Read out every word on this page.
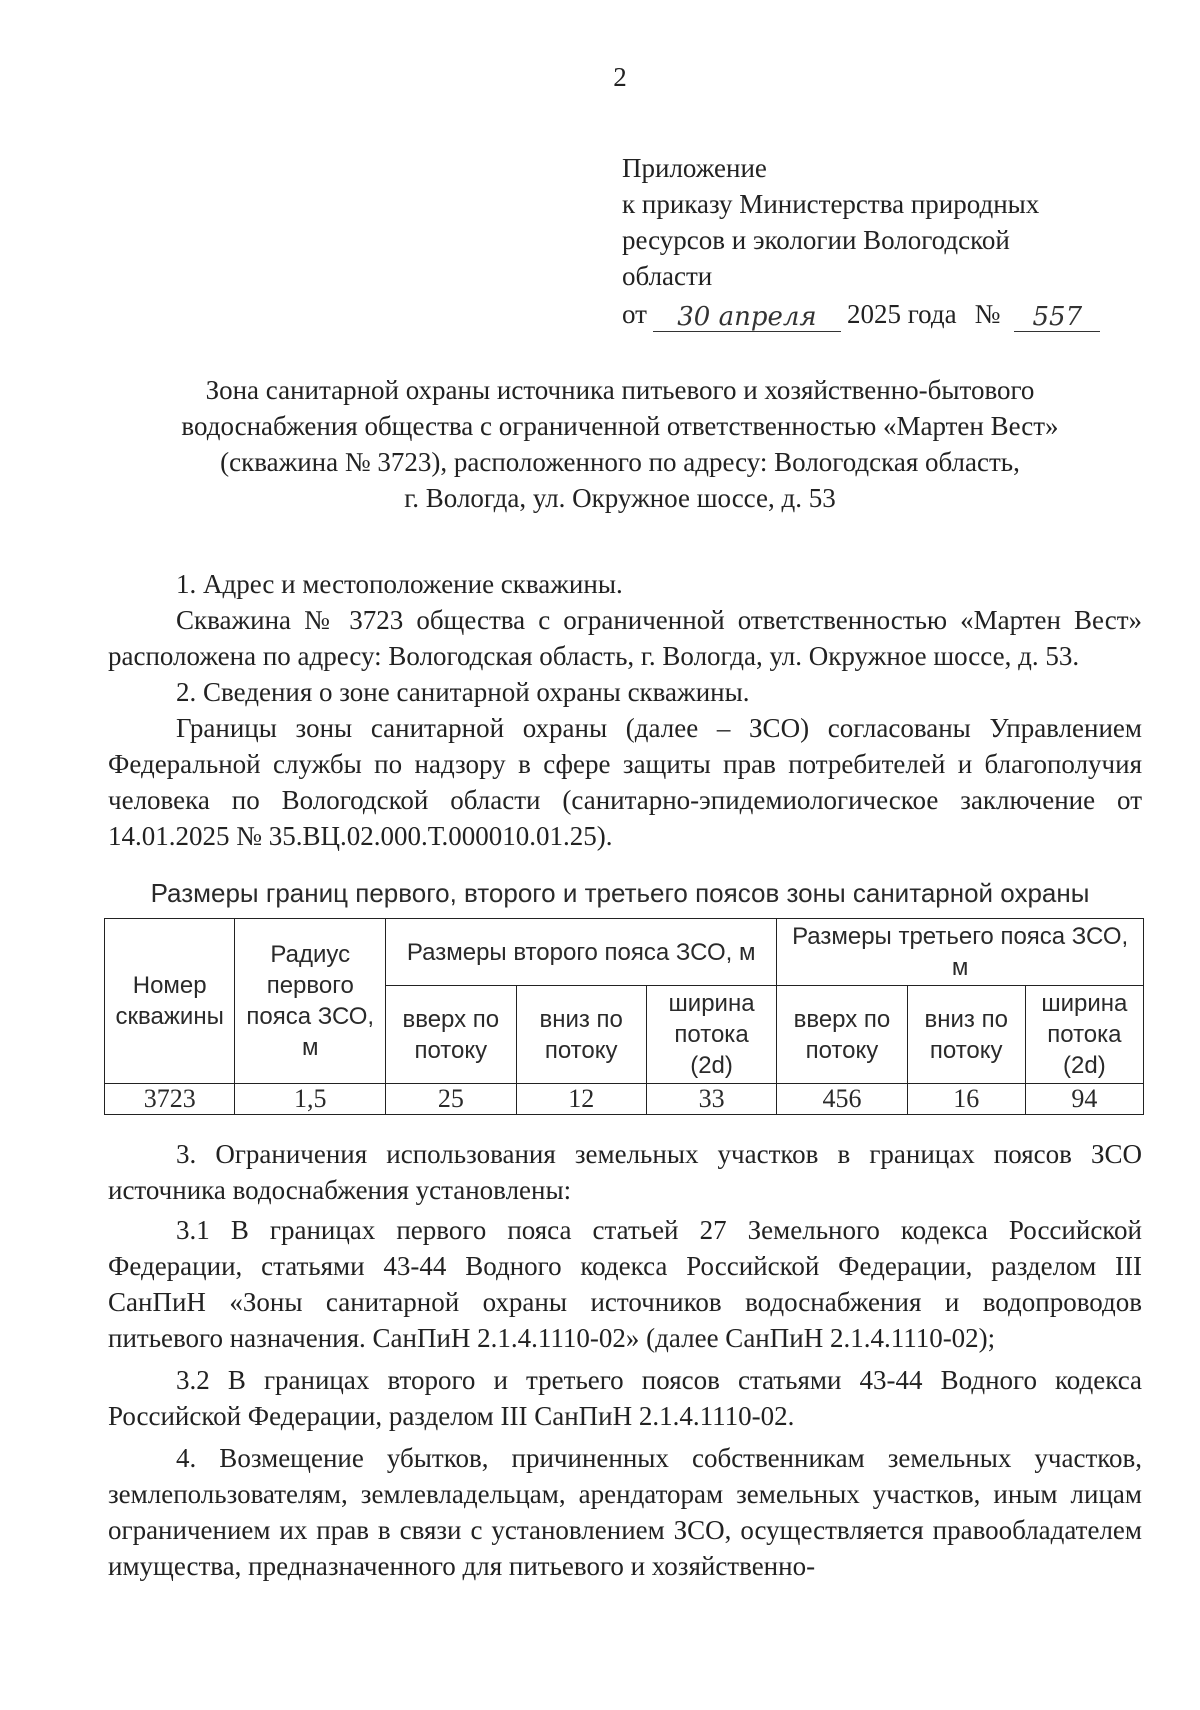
2
Приложение
к приказу Министерства природных
ресурсов и экологии Вологодской
области
от	30 апреля	2025 года №	557
Зона санитарной охраны источника питьевого и хозяйственно-бытового
водоснабжения общества с ограниченной ответственностью «Мартен Вест»
(скважина № 3723), расположенного по адресу: Вологодская область,
г. Вологда, ул. Окружное шоссе, д. 53

1. Адрес и местоположение скважины.

Скважина № 3723 общества с ограниченной ответственностью «Мартен Вест» расположена по адресу: Вологодская область, г. Вологда, ул. Окружное шоссе, д. 53.

2. Сведения о зоне санитарной охраны скважины.

Границы зоны санитарной охраны (далее – ЗСО) согласованы Управлением Федеральной службы по надзору в сфере защиты прав потребителей и благополучия человека по Вологодской области (санитарно-эпидемиологическое заключение от 14.01.2025 № 35.ВЦ.02.000.Т.000010.01.25).

Размеры границ первого, второго и третьего поясов зоны санитарной охраны
Номер скважины	Радиус первого пояса ЗСО, м	Размеры второго пояса ЗСО, м			Размеры третьего пояса ЗСО, м		
		вверх по потоку	вниз по потоку	ширина потока (2d)	вверх по потоку	вниз по потоку	ширина потока (2d)
3723	1,5	25	12	33	456	16	94

3. Ограничения использования земельных участков в границах поясов ЗСО источника водоснабжения установлены:

3.1 В границах первого пояса статьей 27 Земельного кодекса Российской Федерации, статьями 43-44 Водного кодекса Российской Федерации, разделом III СанПиН «Зоны санитарной охраны источников водоснабжения и водопроводов питьевого назначения. СанПиН 2.1.4.1110-02» (далее СанПиН 2.1.4.1110-02);

3.2 В границах второго и третьего поясов статьями 43-44 Водного кодекса Российской Федерации, разделом III СанПиН 2.1.4.1110-02.

4. Возмещение убытков, причиненных собственникам земельных участков, землепользователям, землевладельцам, арендаторам земельных участков, иным лицам ограничением их прав в связи с установлением ЗСО, осуществляется правообладателем имущества, предназначенного для питьевого и хозяйственно-
